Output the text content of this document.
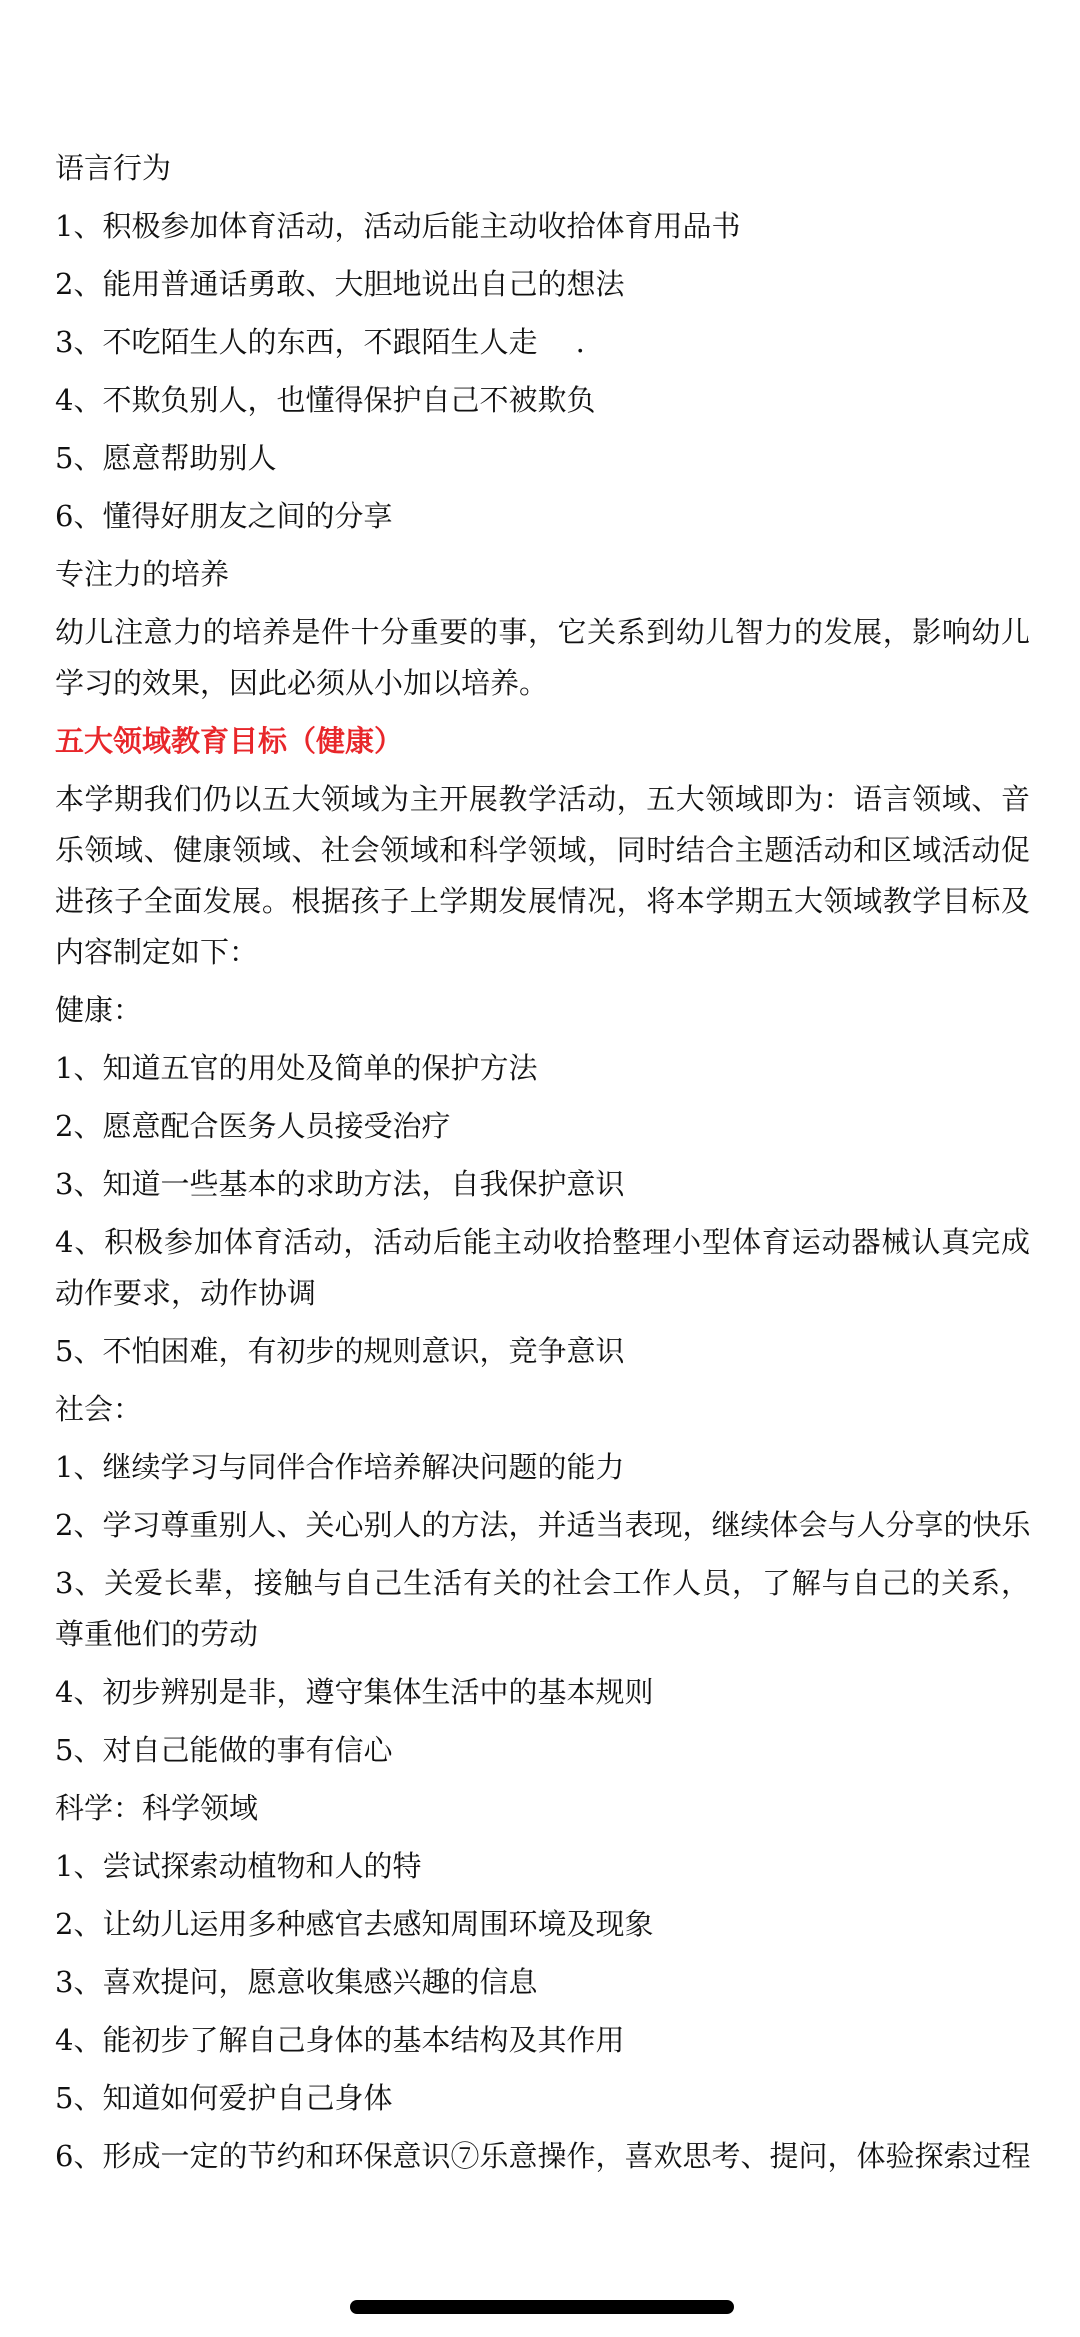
语言行为
1、积极参加体育活动，活动后能主动收拾体育用品书
2、能用普通话勇敢、大胆地说出自己的想法
3、不吃陌生人的东西，不跟陌生人走　 .
4、不欺负别人，也懂得保护自己不被欺负
5、愿意帮助别人
6、懂得好朋友之间的分享
专注力的培养
幼儿注意力的培养是件十分重要的事，它关系到幼儿智力的发展，影响幼儿学习的效果，因此必须从小加以培养。
五大领域教育目标（健康）
本学期我们仍以五大领域为主开展教学活动，五大领域即为：语言领域、音乐领域、健康领域、社会领域和科学领域，同时结合主题活动和区域活动促进孩子全面发展。根据孩子上学期发展情况，将本学期五大领域教学目标及内容制定如下：
健康：
1、知道五官的用处及简单的保护方法
2、愿意配合医务人员接受治疗
3、知道一些基本的求助方法，自我保护意识
4、积极参加体育活动，活动后能主动收拾整理小型体育运动器械认真完成动作要求，动作协调
5、不怕困难，有初步的规则意识，竞争意识
社会：
1、继续学习与同伴合作培养解决问题的能力
2、学习尊重别人、关心别人的方法，并适当表现，继续体会与人分享的快乐
3、关爱长辈，接触与自己生活有关的社会工作人员，了解与自己的关系，尊重他们的劳动
4、初步辨别是非，遵守集体生活中的基本规则
5、对自己能做的事有信心
科学：科学领域
1、尝试探索动植物和人的特
2、让幼儿运用多种感官去感知周围环境及现象
3、喜欢提问，愿意收集感兴趣的信息
4、能初步了解自己身体的基本结构及其作用
5、知道如何爱护自己身体
6、形成一定的节约和环保意识⑦乐意操作，喜欢思考、提问，体验探索过程
